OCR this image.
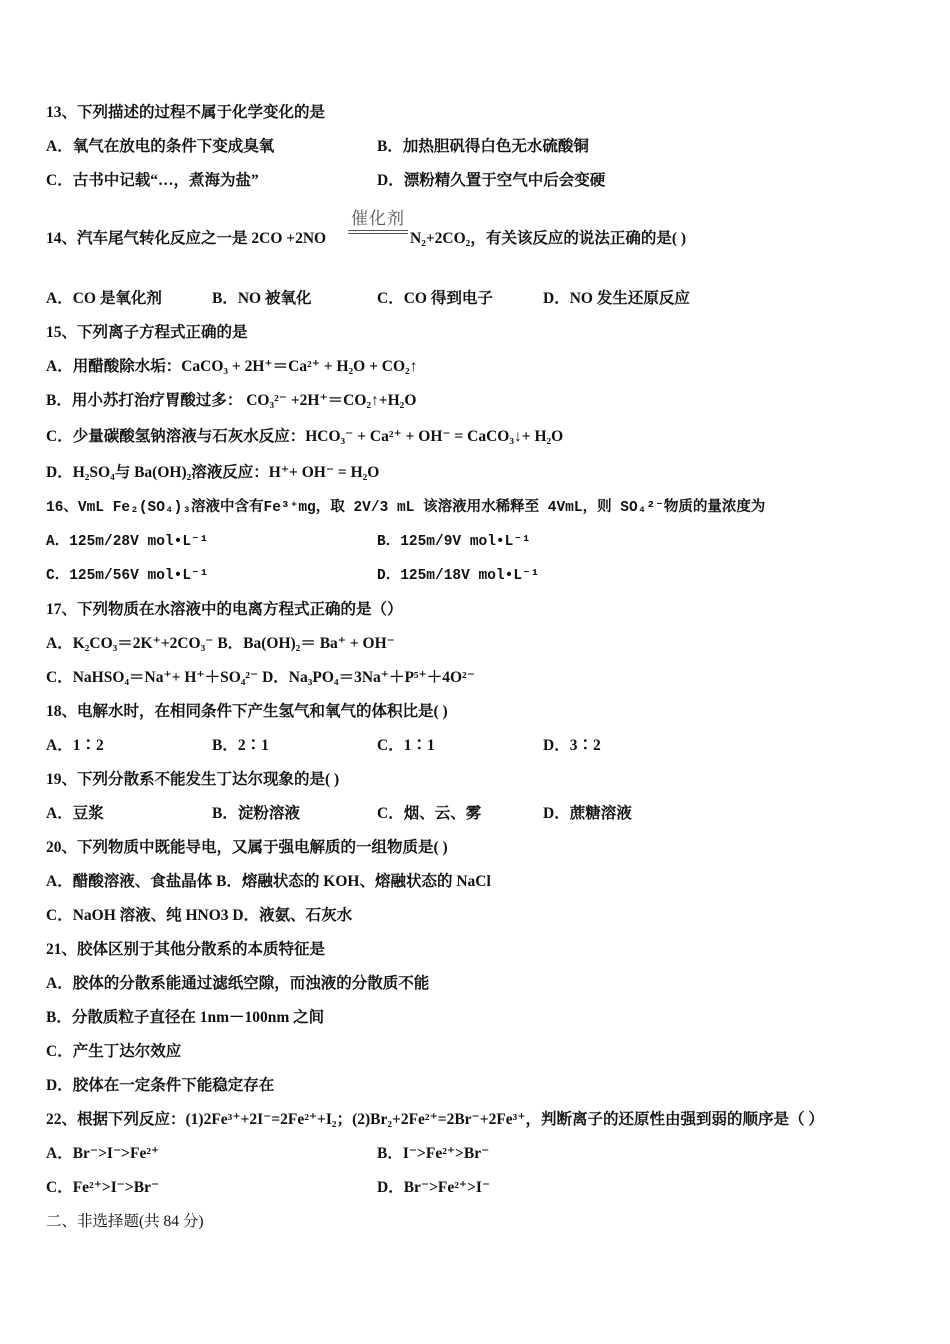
13、下列描述的过程不属于化学变化的是
A．氧气在放电的条件下变成臭氧	B．加热胆矾得白色无水硫酸铜
C．古书中记载“…，煮海为盐”	D．漂粉精久置于空气中后会变硬
14、汽车尾气转化反应之一是 2CO +2NO
催化剂
N₂+2CO₂，有关该反应的说法正确的是( )
A．CO 是氧化剂	B．NO 被氧化	C．CO 得到电子	D．NO 发生还原反应
15、下列离子方程式正确的是
A．用醋酸除水垢：CaCO₃ + 2H⁺＝Ca²⁺ + H₂O + CO₂↑
B．用小苏打治疗胃酸过多： CO₃²⁻ +2H⁺＝CO₂↑+H₂O
C．少量碳酸氢钠溶液与石灰水反应：HCO₃⁻ + Ca²⁺ + OH⁻ = CaCO₃↓+ H₂O
D．H₂SO₄与 Ba(OH)₂溶液反应：H⁺+ OH⁻ = H₂O
16、VmL Fe₂(SO₄)₃溶液中含有Fe³⁺mg，取 2V/3 mL 该溶液用水稀释至 4VmL，则 SO₄²⁻物质的量浓度为
A．125m/28V mol•L⁻¹	B．125m/9V mol•L⁻¹
C．125m/56V mol•L⁻¹	D．125m/18V mol•L⁻¹
17、下列物质在水溶液中的电离方程式正确的是（）
A．K₂CO₃＝2K⁺+2CO₃⁻ B．Ba(OH)₂＝ Ba⁺ + OH⁻
C．NaHSO₄＝Na⁺+ H⁺＋SO₄²⁻ D．Na₃PO₄＝3Na⁺＋P⁵⁺＋4O²⁻
18、电解水时，在相同条件下产生氢气和氧气的体积比是( )
A．1∶2	B．2∶1	C．1∶1	D．3∶2
19、下列分散系不能发生丁达尔现象的是( )
A．豆浆	B．淀粉溶液	C．烟、云、雾	D．蔗糖溶液
20、下列物质中既能导电，又属于强电解质的一组物质是( )
A．醋酸溶液、食盐晶体 B．熔融状态的 KOH、熔融状态的 NaCl
C．NaOH 溶液、纯 HNO3 D．液氨、石灰水
21、胶体区别于其他分散系的本质特征是
A．胶体的分散系能通过滤纸空隙，而浊液的分散质不能
B．分散质粒子直径在 1nm－100nm 之间
C．产生丁达尔效应
D．胶体在一定条件下能稳定存在
22、根据下列反应：(1)2Fe³⁺+2I⁻=2Fe²⁺+I₂；(2)Br₂+2Fe²⁺=2Br⁻+2Fe³⁺，判断离子的还原性由强到弱的顺序是（ ）
A．Br⁻>I⁻>Fe²⁺	B．I⁻>Fe²⁺>Br⁻
C．Fe²⁺>I⁻>Br⁻	D．Br⁻>Fe²⁺>I⁻
二、非选择题(共 84 分)
